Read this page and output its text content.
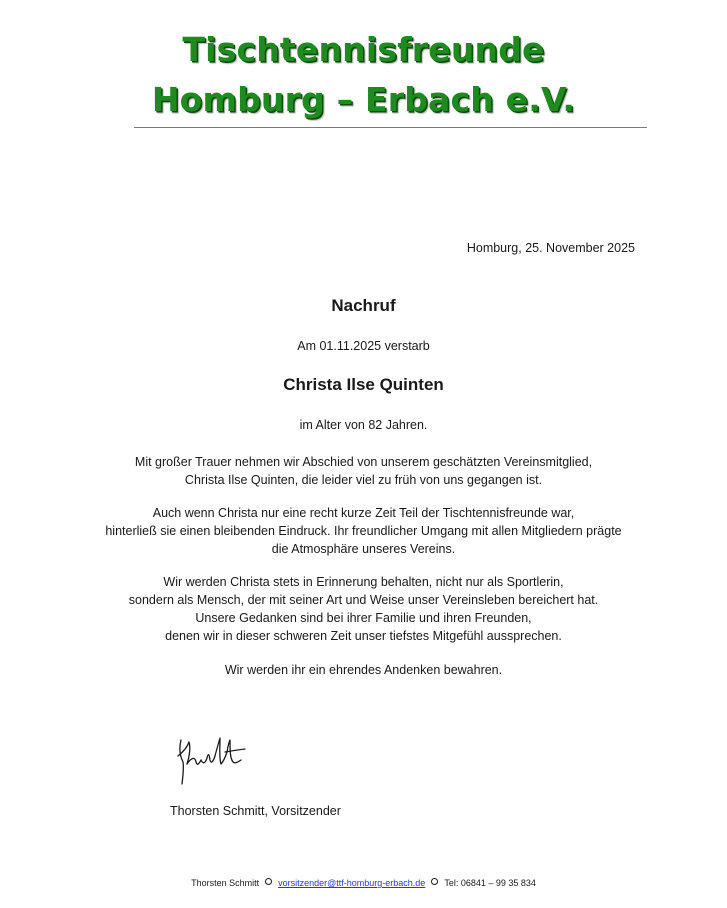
Tischtennisfreunde
Homburg – Erbach e.V.
Homburg, 25. November 2025
Nachruf
Am 01.11.2025 verstarb
Christa Ilse Quinten
im Alter von 82 Jahren.
Mit großer Trauer nehmen wir Abschied von unserem geschätzten Vereinsmitglied,
Christa Ilse Quinten, die leider viel zu früh von uns gegangen ist.
Auch wenn Christa nur eine recht kurze Zeit Teil der Tischtennisfreunde war,
hinterließ sie einen bleibenden Eindruck. Ihr freundlicher Umgang mit allen Mitgliedern prägte
die Atmosphäre unseres Vereins.
Wir werden Christa stets in Erinnerung behalten, nicht nur als Sportlerin,
sondern als Mensch, der mit seiner Art und Weise unser Vereinsleben bereichert hat.
Unsere Gedanken sind bei ihrer Familie und ihren Freunden,
denen wir in dieser schweren Zeit unser tiefstes Mitgefühl aussprechen.
Wir werden ihr ein ehrendes Andenken bewahren.
Thorsten Schmitt, Vorsitzender
Thorsten Schmitt vorsitzender@ttf-homburg-erbach.de Tel: 06841 – 99 35 834
